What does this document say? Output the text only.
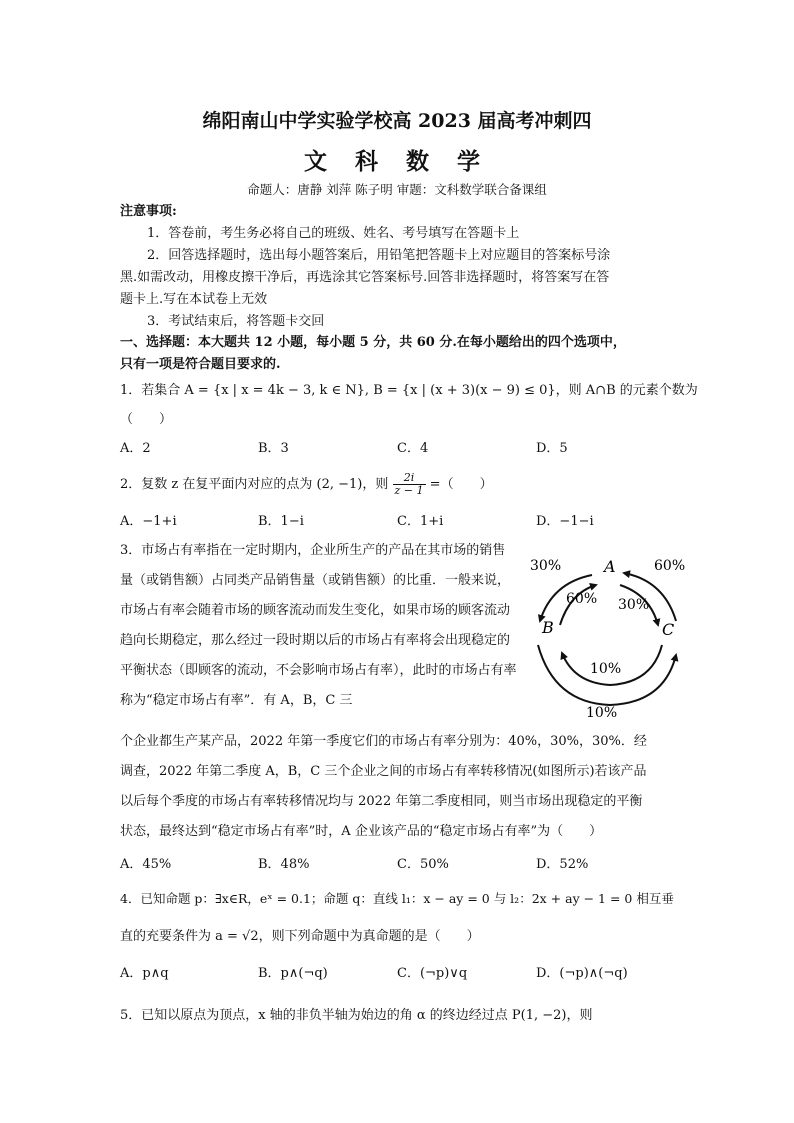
绵阳南山中学实验学校高 2023 届高考冲刺四
文 科 数 学
命题人：唐静 刘萍 陈子明 审题：文科数学联合备课组
注意事项:
1．答卷前，考生务必将自己的班级、姓名、考号填写在答题卡上
2．回答选择题时，选出每小题答案后，用铅笔把答题卡上对应题目的答案标号涂
黑.如需改动，用橡皮擦干净后，再选涂其它答案标号.回答非选择题时，将答案写在答
题卡上.写在本试卷上无效
3．考试结束后，将答题卡交回
一、选择题：本大题共 12 小题，每小题 5 分，共 60 分.在每小题给出的四个选项中，
只有一项是符合题目要求的.
1．若集合 A = {x | x = 4k − 3, k ∈ N}, B = {x | (x + 3)(x − 9) ≤ 0}，则 A∩B 的元素个数为
（　　）
A．2	B．3	C．4	D．5
2．复数 z 在复平面内对应的点为 (2, −1)，则 $\frac{2i}{z - 1}$ =（　　）
A．−1+i	B．1−i	C．1+i	D．−1−i
3．市场占有率指在一定时期内，企业所生产的产品在其市场的销售量（或销售额）占同类产品销售量（或销售额）的比重．一般来说，市场占有率会随着市场的顾客流动而发生变化，如果市场的顾客流动趋向长期稳定，那么经过一段时期以后的市场占有率将会出现稳定的平衡状态（即顾客的流动，不会影响市场占有率），此时的市场占有率称为“稳定市场占有率”．有 A，B，C 三
30%	60%
A
60% 30%
B	C
10%
10%
个企业都生产某产品，2022 年第一季度它们的市场占有率分别为：40%，30%，30%．经
调查，2022 年第二季度 A，B，C 三个企业之间的市场占有率转移情况(如图所示)若该产品
以后每个季度的市场占有率转移情况均与 2022 年第二季度相同，则当市场出现稳定的平衡
状态，最终达到“稳定市场占有率”时，A 企业该产品的“稳定市场占有率”为（　　）
A．45%	B．48%	C．50%	D．52%
4．已知命题 p：∃x∈R，eˣ = 0.1；命题 q：直线 l₁：x − ay = 0 与 l₂：2x + ay − 1 = 0 相互垂
直的充要条件为 a = √2，则下列命题中为真命题的是（　　）
A．p∧q	B．p∧(¬q)	C．(¬p)∨q	D．(¬p)∧(¬q)
5．已知以原点为顶点，x 轴的非负半轴为始边的角 α 的终边经过点 P(1, −2)，则
